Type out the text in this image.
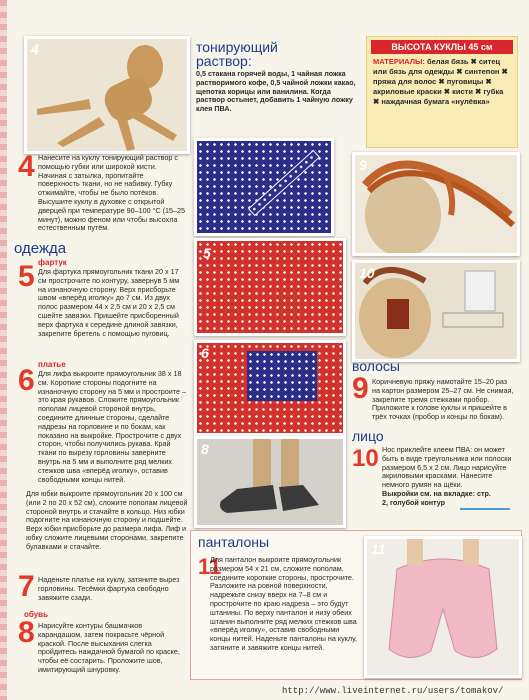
4	тонирующий раствор:
0,5 стакана горячей воды, 1 чайная ложка растворимого кофе, 0,5 чайной ложки какао, щепотка корицы или ванилина. Когда раствор остынет, добавить 1 чайную ложку клея ПВА.
ВЫСОТА КУКЛЫ 45 см
МАТЕРИАЛЫ: белая бязь ✖ ситец или бязь для одежды ✖ синтепон ✖ пряжа для волос ✖ пуговицы ✖ акриловые краски ✖ кисти ✖ губка ✖ наждачная бумага «нулёвка»
4 Нанесите на куклу тонирующий раствор с помощью губки или широкой кисти. Начиная с затылка, пропитайте поверхность ткани, но не набивку. Губку отжимайте, чтобы не было потёков. Высушите куклу в духовке с открытой дверцей при температуре 90–100 °С (15–25 минут), можно феном или чтобы высохла естественным путём.
9
одежда
фартук
5 Для фартука прямоугольник ткани 20 х 17 см прострочите по контуру, завернув 5 мм на изнаночную сторону. Верх присборьте швом «вперёд иголку» до 7 см. Из двух полос размером 44 х 2,5 см и 20 х 2,5 см сшейте завязки. Пришейте присборенный верх фартука к середине длиной завязки, закрепите бретель с помощью пуговиц.
5
10
платье
6 Для лифа выкроите прямоугольник 38 х 18 см. Короткие стороны подогните на изнаночную сторону на 5 мм и простроите – это края рукавов. Сложите прямоугольник пополам лицевой стороной внутрь, соедините длинные стороны, сделайте надрезы на горловине и по бокам, как показано на выкройке. Прострочите с двух сторон, чтобы получились рукава. Край ткани по вырезу горловины заверните внутрь на 5 мм и выполните ряд мелких стежков шва «вперёд иголку», оставив свободными концы нитей.
Для юбки выкроите прямоугольник 20 х 100 см (или 2 по 20 х 52 см), сложите пополам лицевой стороной внутрь и стачайте в кольцо. Низ юбки подогните на изнаночную сторону и подшейте. Верх юбки присборьте до размера лифа. Лиф и юбку сложите лицевыми сторонами, закрепите булавками и стачайте.
6
волосы
9 Коричневую пряжу намотайте 15–20 раз на картон размером 25–27 см. Не снимая, закрепите тремя стежками пробор. Приложите к голове куклы и пришейте в трёх точках (пробор и концы по бокам).
8
лицо
10 Нос приклейте клеем ПВА: он может быть в виде треугольника или полоски размером 6,5 х 2 см. Лицо нарисуйте акриловыми красками. Нанесите немного румян на щёки.
Выкройки см. на вкладке: стр. 2, голубой контур
7 Наденьте платье на куклу, затяните вырез горловины. Тесёмки фартука свободно завяжите сзади.
обувь
8 Нарисуйте контуры башмачков карандашом, затем покрасьте чёрной краской. После высыхания слегка пройдитесь наждачной бумагой по краске, чтобы её состарить. Проложите шов, имитирующий шнуровку.
панталоны
11
Для панталон выкроите прямоугольник размером 54 х 21 см, сложите пополам, соедините короткие стороны, прострочите. Разложите на ровной поверхности, надрежьте снизу вверх на 7–8 см и прострочите по краю надреза – это будут штанины. По верху панталон и низу обеих штанин выполните ряд мелких стежков шва «вперёд иголку», оставив свободными концы нитей. Наденьте панталоны на куклу, затяните и завяжите концы нитей.
11
http://www.liveinternet.ru/users/tomakov/
